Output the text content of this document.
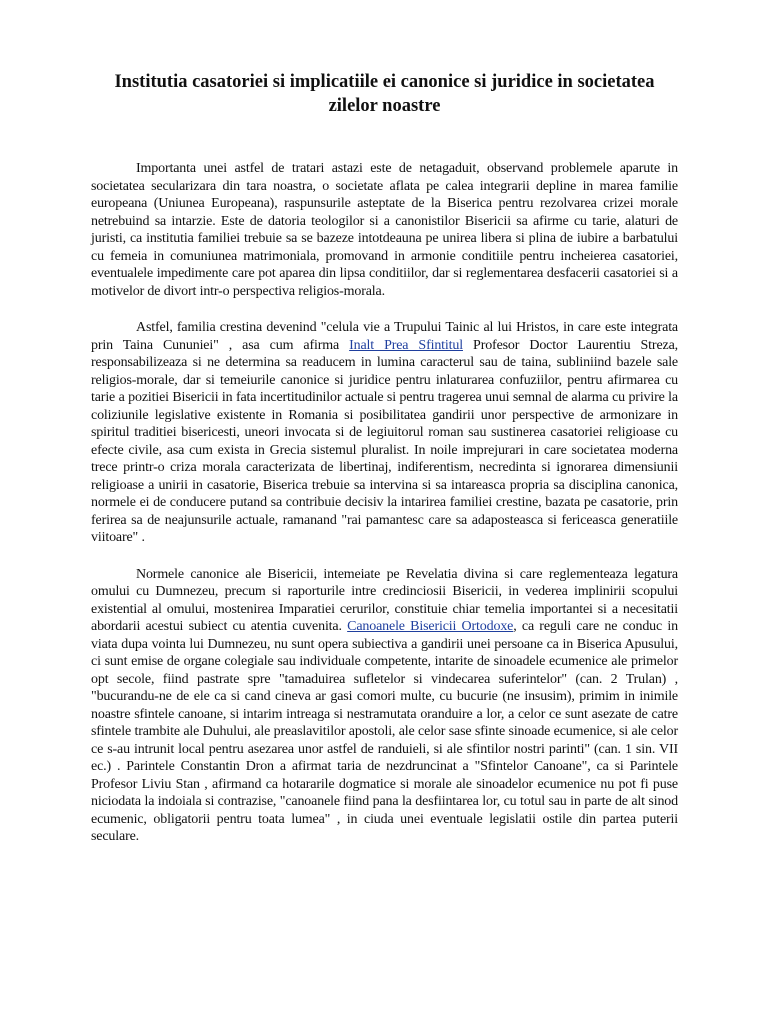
Institutia casatoriei si implicatiile ei canonice si juridice in societatea zilelor noastre

Importanta unei astfel de tratari astazi este de netagaduit, observand problemele aparute in societatea secularizara din tara noastra, o societate aflata pe calea integrarii depline in marea familie europeana (Uniunea Europeana), raspunsurile asteptate de la Biserica pentru rezolvarea crizei morale netrebuind sa intarzie. Este de datoria teologilor si a canonistilor Bisericii sa afirme cu tarie, alaturi de juristi, ca institutia familiei trebuie sa se bazeze intotdeauna pe unirea libera si plina de iubire a barbatului cu femeia in comuniunea matrimoniala, promovand in armonie conditiile pentru incheierea casatoriei, eventualele impedimente care pot aparea din lipsa conditiilor, dar si reglementarea desfacerii casatoriei si a motivelor de divort intr-o perspectiva religios-morala.

Astfel, familia crestina devenind "celula vie a Trupului Tainic al lui Hristos, in care este integrata prin Taina Cununiei" , asa cum afirma Inalt Prea Sfintitul Profesor Doctor Laurentiu Streza, responsabilizeaza si ne determina sa readucem in lumina caracterul sau de taina, subliniind bazele sale religios-morale, dar si temeiurile canonice si juridice pentru inlaturarea confuziilor, pentru afirmarea cu tarie a pozitiei Bisericii in fata incertitudinilor actuale si pentru tragerea unui semnal de alarma cu privire la coliziunile legislative existente in Romania si posibilitatea gandirii unor perspective de armonizare in spiritul traditiei bisericesti, uneori invocata si de legiuitorul roman sau sustinerea casatoriei religioase cu efecte civile, asa cum exista in Grecia sistemul pluralist. In noile imprejurari in care societatea moderna trece printr-o criza morala caracterizata de libertinaj, indiferentism, necredinta si ignorarea dimensiunii religioase a unirii in casatorie, Biserica trebuie sa intervina si sa intareasca propria sa disciplina canonica, normele ei de conducere putand sa contribuie decisiv la intarirea familiei crestine, bazata pe casatorie, prin ferirea sa de neajunsurile actuale, ramanand "rai pamantesc care sa adaposteasca si fericeasca generatiile viitoare" .

Normele canonice ale Bisericii, intemeiate pe Revelatia divina si care reglementeaza legatura omului cu Dumnezeu, precum si raporturile intre credinciosii Bisericii, in vederea implinirii scopului existential al omului, mostenirea Imparatiei cerurilor, constituie chiar temelia importantei si a necesitatii abordarii acestui subiect cu atentia cuvenita. Canoanele Bisericii Ortodoxe, ca reguli care ne conduc in viata dupa vointa lui Dumnezeu, nu sunt opera subiectiva a gandirii unei persoane ca in Biserica Apusului, ci sunt emise de organe colegiale sau individuale competente, intarite de sinoadele ecumenice ale primelor opt secole, fiind pastrate spre "tamaduirea sufletelor si vindecarea suferintelor" (can. 2 Trulan) , "bucurandu-ne de ele ca si cand cineva ar gasi comori multe, cu bucurie (ne insusim), primim in inimile noastre sfintele canoane, si intarim intreaga si nestramutata oranduire a lor, a celor ce sunt asezate de catre sfintele trambite ale Duhului, ale preaslavitilor apostoli, ale celor sase sfinte sinoade ecumenice, si ale celor ce s-au intrunit local pentru asezarea unor astfel de randuieli, si ale sfintilor nostri parinti" (can. 1 sin. VII ec.) . Parintele Constantin Dron a afirmat taria de nezdruncinat a "Sfintelor Canoane", ca si Parintele Profesor Liviu Stan , afirmand ca hotararile dogmatice si morale ale sinoadelor ecumenice nu pot fi puse niciodata la indoiala si contrazise, "canoanele fiind pana la desfiintarea lor, cu totul sau in parte de alt sinod ecumenic, obligatorii pentru toata lumea" , in ciuda unei eventuale legislatii ostile din partea puterii seculare.
